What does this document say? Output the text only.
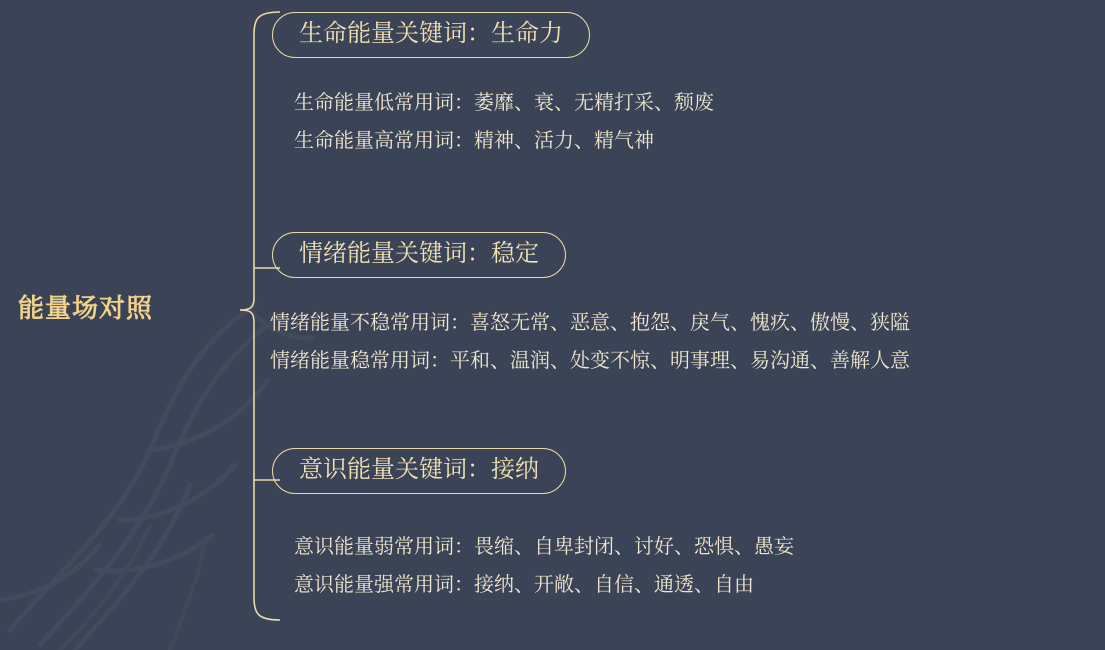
能量场对照
生命能量关键词：生命力
生命能量低常用词：萎靡、衰、无精打采、颓废
生命能量高常用词：精神、活力、精气神
情绪能量关键词：稳定
情绪能量不稳常用词：喜怒无常、恶意、抱怨、戾气、愧疚、傲慢、狭隘
情绪能量稳常用词：平和、温润、处变不惊、明事理、易沟通、善解人意
意识能量关键词：接纳
意识能量弱常用词：畏缩、自卑封闭、讨好、恐惧、愚妄
意识能量强常用词：接纳、开敞、自信、通透、自由
